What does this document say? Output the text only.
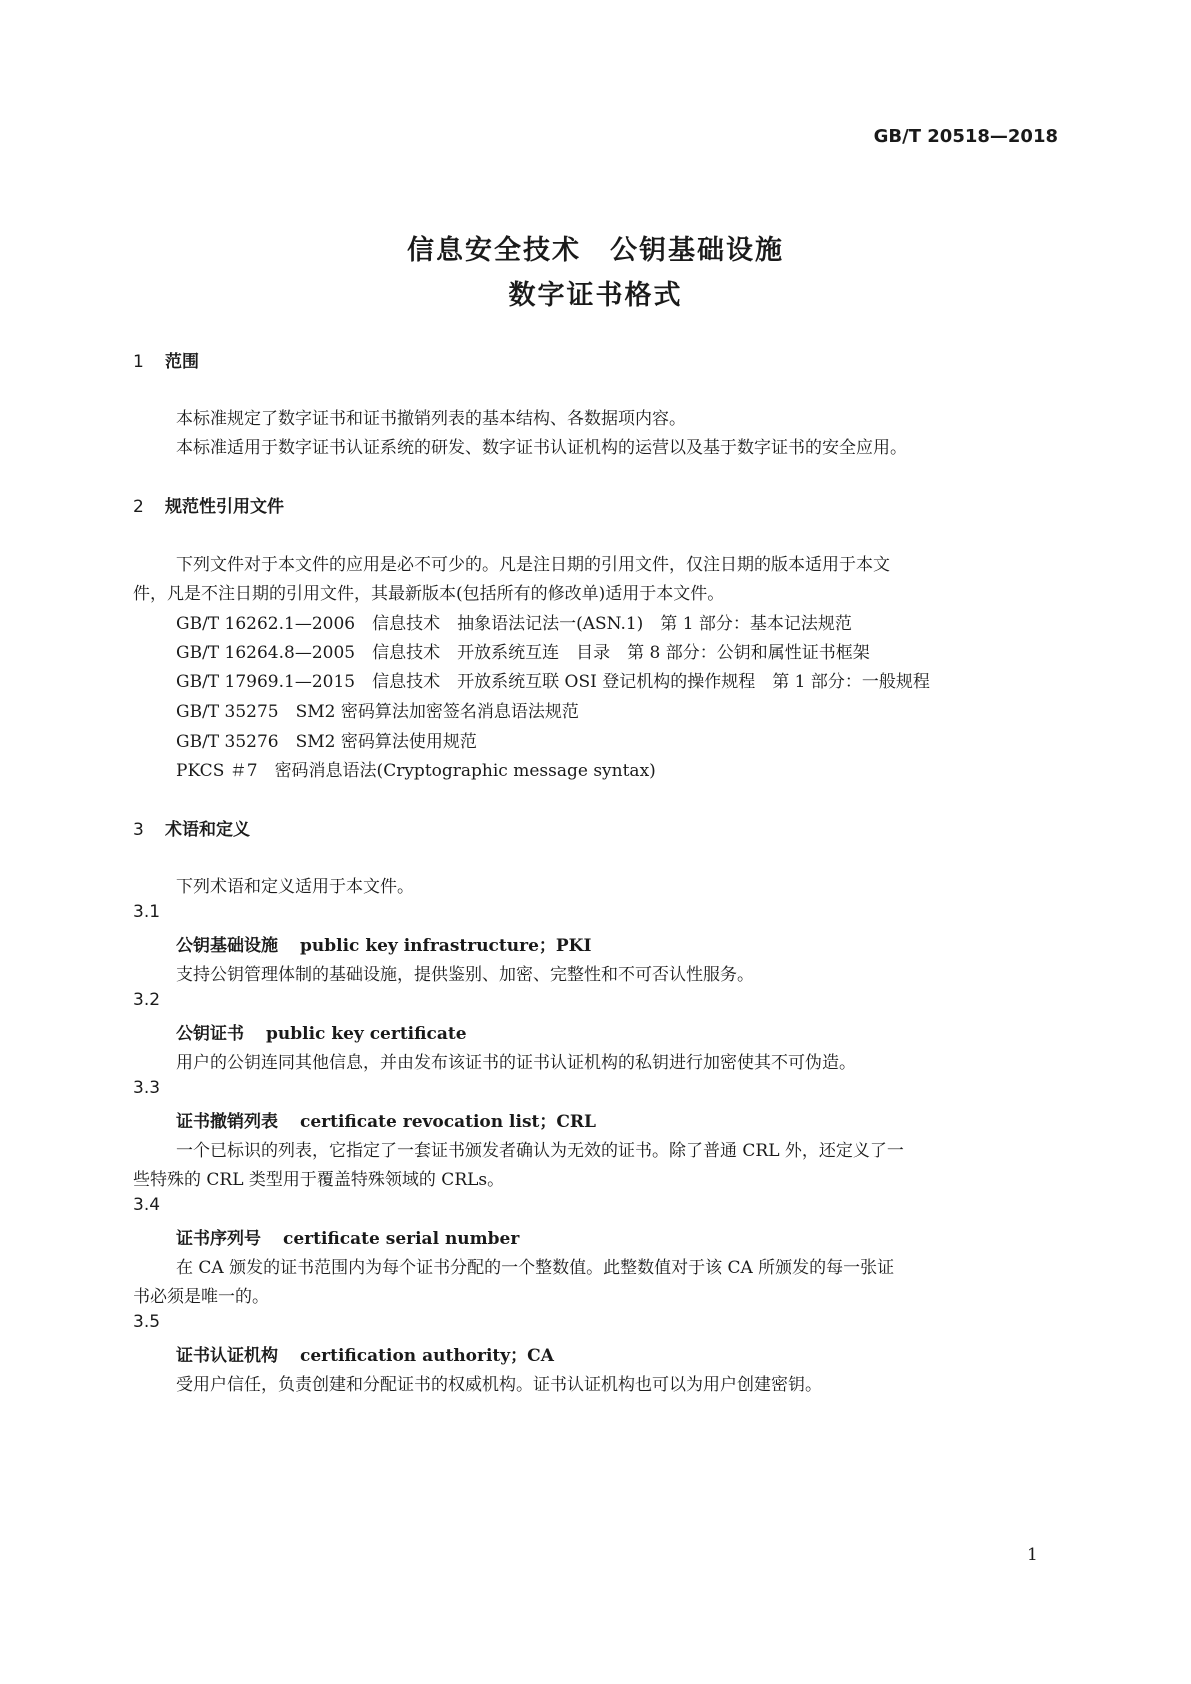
GB/T 20518—2018
信息安全技术　公钥基础设施
数字证书格式
1 范围
本标准规定了数字证书和证书撤销列表的基本结构、各数据项内容。
本标准适用于数字证书认证系统的研发、数字证书认证机构的运营以及基于数字证书的安全应用。
2 规范性引用文件
下列文件对于本文件的应用是必不可少的。凡是注日期的引用文件，仅注日期的版本适用于本文
件，凡是不注日期的引用文件，其最新版本(包括所有的修改单)适用于本文件。
GB/T 16262.1—2006　 信息技术　抽象语法记法一(ASN.1)　第 1 部分：基本记法规范
GB/T 16264.8—2005　 信息技术　开放系统互连　目录　第 8 部分：公钥和属性证书框架
GB/T 17969.1—2015　 信息技术　开放系统互联 OSI 登记机构的操作规程　第 1 部分：一般规程
GB/T 35275　 SM2 密码算法加密签名消息语法规范
GB/T 35276　 SM2 密码算法使用规范
PKCS ＃7　 密码消息语法(Cryptographic message syntax)
3 术语和定义
下列术语和定义适用于本文件。
3.1
公钥基础设施 public key infrastructure；PKI
支持公钥管理体制的基础设施，提供鉴别、加密、完整性和不可否认性服务。
3.2
公钥证书 public key certificate
用户的公钥连同其他信息，并由发布该证书的证书认证机构的私钥进行加密使其不可伪造。
3.3
证书撤销列表 certificate revocation list；CRL
一个已标识的列表，它指定了一套证书颁发者确认为无效的证书。除了普通 CRL 外，还定义了一
些特殊的 CRL 类型用于覆盖特殊领域的 CRLs。
3.4
证书序列号 certificate serial number
在 CA 颁发的证书范围内为每个证书分配的一个整数值。此整数值对于该 CA 所颁发的每一张证
书必须是唯一的。
3.5
证书认证机构 certification authority；CA
受用户信任，负责创建和分配证书的权威机构。证书认证机构也可以为用户创建密钥。
1
